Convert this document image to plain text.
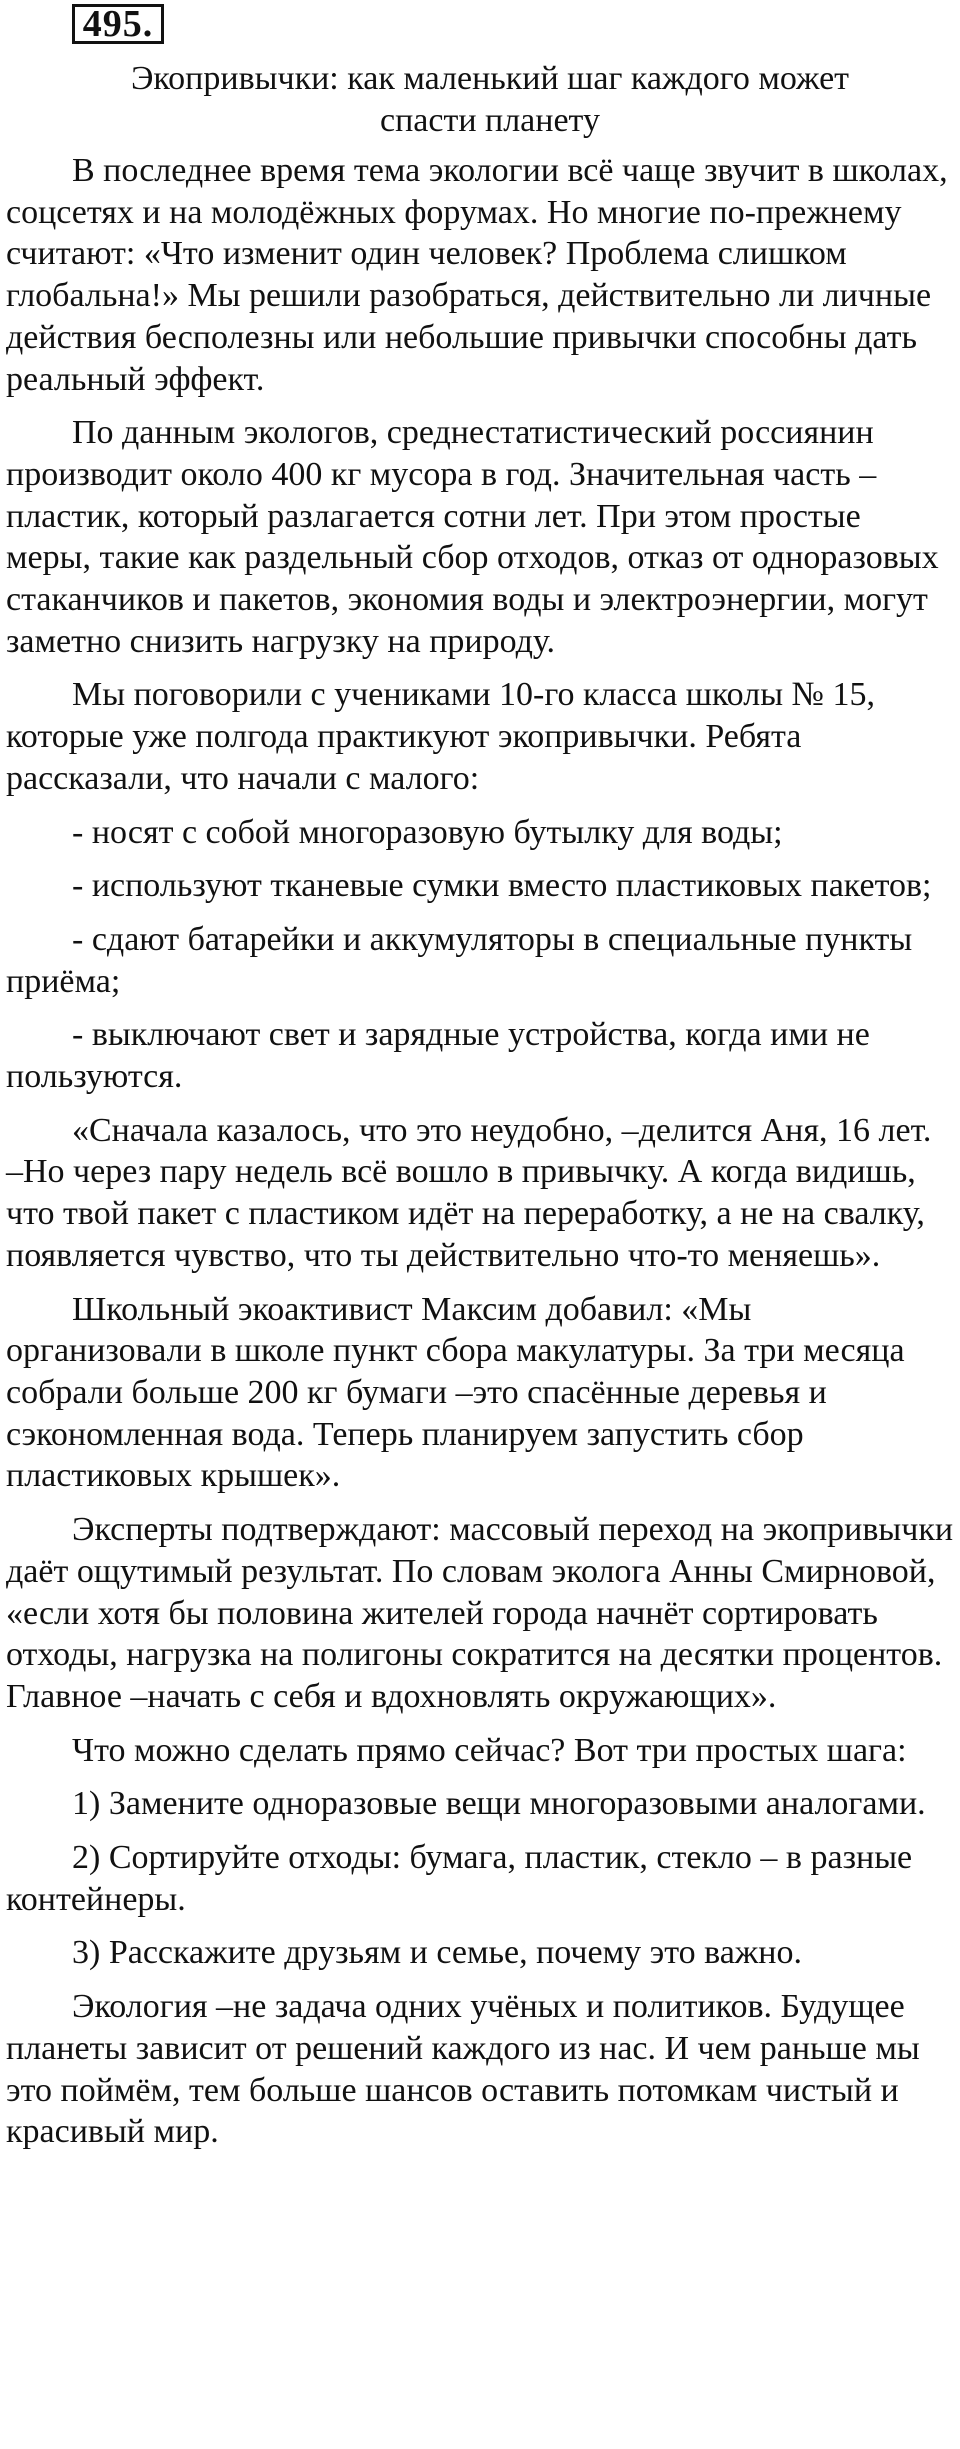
495.
Экопривычки: как маленький шаг каждого может спасти планету

В последнее время тема экологии всё чаще звучит в школах, соцсетях и на молодёжных форумах. Но многие по-прежнему считают: «Что изменит один человек? Проблема слишком глобальна!» Мы решили разобраться, действительно ли личные действия бесполезны или небольшие привычки способны дать реальный эффект.

По данным экологов, среднестатистический россиянин производит около 400 кг мусора в год. Значительная часть – пластик, который разлагается сотни лет. При этом простые меры, такие как раздельный сбор отходов, отказ от одноразовых стаканчиков и пакетов, экономия воды и электроэнергии, могут заметно снизить нагрузку на природу.

Мы поговорили с учениками 10-го класса школы № 15, которые уже полгода практикуют экопривычки. Ребята рассказали, что начали с малого:

- носят с собой многоразовую бутылку для воды;

- используют тканевые сумки вместо пластиковых пакетов;

- сдают батарейки и аккумуляторы в специальные пункты приёма;

- выключают свет и зарядные устройства, когда ими не пользуются.

«Сначала казалось, что это неудобно, –делится Аня, 16 лет. –Но через пару недель всё вошло в привычку. А когда видишь, что твой пакет с пластиком идёт на переработку, а не на свалку, появляется чувство, что ты действительно что-то меняешь».

Школьный экоактивист Максим добавил: «Мы организовали в школе пункт сбора макулатуры. За три месяца собрали больше 200 кг бумаги –это спасённые деревья и сэкономленная вода. Теперь планируем запустить сбор пластиковых крышек».

Эксперты подтверждают: массовый переход на экопривычки даёт ощутимый результат. По словам эколога Анны Смирновой, «если хотя бы половина жителей города начнёт сортировать отходы, нагрузка на полигоны сократится на десятки процентов. Главное –начать с себя и вдохновлять окружающих».

Что можно сделать прямо сейчас? Вот три простых шага:

1) Замените одноразовые вещи многоразовыми аналогами.

2) Сортируйте отходы: бумага, пластик, стекло – в разные контейнеры.

3) Расскажите друзьям и семье, почему это важно.

Экология –не задача одних учёных и политиков. Будущее планеты зависит от решений каждого из нас. И чем раньше мы это поймём, тем больше шансов оставить потомкам чистый и красивый мир.
